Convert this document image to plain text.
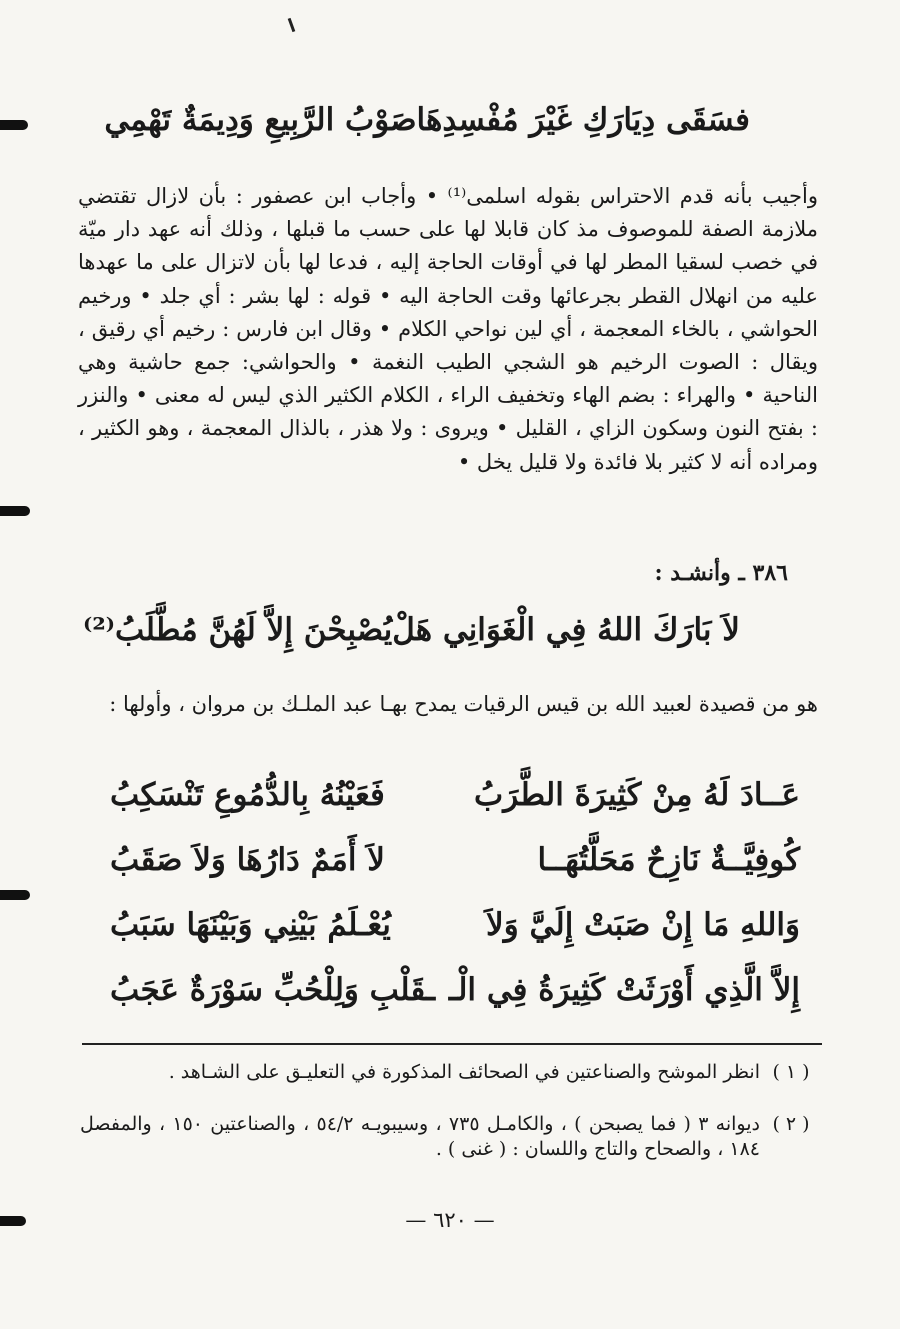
فسَقَى دِيَارَكِ غَيْرَ مُفْسِدِهَا
صَوْبُ الرَّبِيعِ وَدِيمَةٌ تَهْمِي
وأجيب بأنه قدم الاحتراس بقوله اسلمى⁽¹⁾ • وأجاب ابن عصفور : بأن لازال تقتضي ملازمة الصفة للموصوف مذ كان قابلا لها على حسب ما قبلها ، وذلك أنه عهد دار ميّة في خصب لسقيا المطر لها في أوقات الحاجة إليه ، فدعا لها بأن لاتزال على ما عهدها عليه من انهلال القطر بجرعائها وقت الحاجة اليه • قوله : لها بشر : أي جلد • ورخيم الحواشي ، بالخاء المعجمة ، أي لين نواحي الكلام • وقال ابن فارس : رخيم أي رقيق ، ويقال : الصوت الرخيم هو الشجي الطيب النغمة • والحواشي: جمع حاشية وهي الناحية • والهراء : بضم الهاء وتخفيف الراء ، الكلام الكثير الذي ليس له معنى • والنزر : بفتح النون وسكون الزاي ، القليل • ويروى : ولا هذر ، بالذال المعجمة ، وهو الكثير ، ومراده أنه لا كثير بلا فائدة ولا قليل يخل •
٣٨٦ ـ وأنشـد :
لاَ بَارَكَ اللهُ فِي الْغَوَانِي هَلْ
يُصْبِحْنَ إِلاَّ لَهُنَّ مُطَّلَبُ⁽²⁾
هو من قصيدة لعبيد الله بن قيس الرقيات يمدح بهـا عبد الملـك بن مروان ، وأولها :
عَــادَ لَهُ مِنْ كَثِيرَةَ الطَّرَبُ
فَعَيْنُهُ بِالدُّمُوعِ تَنْسَكِبُ
كُوفِيَّــةٌ نَازِحٌ مَحَلَّتُهَــا
لاَ أَمَمٌ دَارُهَا وَلاَ صَقَبُ
وَاللهِ مَا إِنْ صَبَتْ إِلَيَّ وَلاَ
يُعْـلَمُ بَيْنِي وَبَيْنَهَا سَبَبُ
إِلاَّ الَّذِي أَوْرَثَتْ كَثِيرَةُ فِي الْـ
ـقَلْبِ وَلِلْحُبِّ سَوْرَةٌ عَجَبُ
( ١ )
انظر الموشح والصناعتين في الصحائف المذكورة في التعليـق على الشـاهد .
( ٢ )
ديوانه ٣ ( فما يصبحن ) ، والكامـل ٧٣٥ ، وسيبويـه ٥٤/٢ ، والصناعتين ١٥٠ ، والمفصل ١٨٤ ، والصحاح والتاج واللسان : ( غنى ) .
— ٦٢٠ —
